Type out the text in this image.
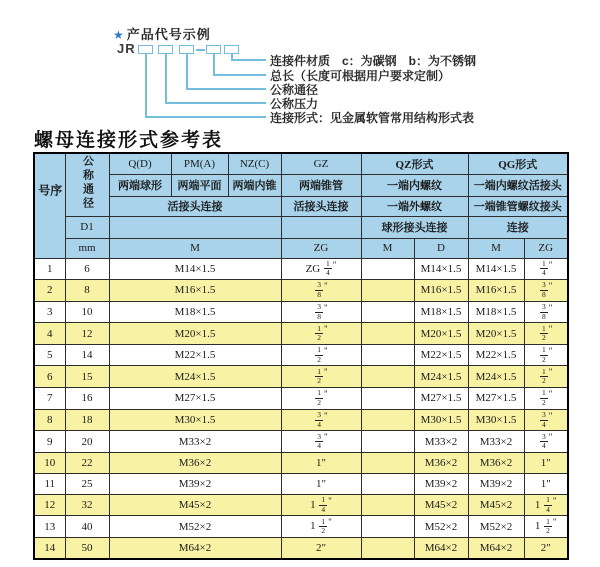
★ 产品代号示例
JR
连接件材质　c：为碳钢　b：为不锈钢
总长（长度可根据用户要求定制）
公称通径
公称压力
连接形式：见金属软管常用结构形式表
螺母连接形式参考表
序号	公称通径	Q(D)	PM(A)	NZ(C)	GZ	QZ形式		QG形式	
		两端球形	两端平面	两端内锥	两端锥管	一端内螺纹		一端内螺纹活接头	
		活接头连接			活接头连接	一端外螺纹		一端锥管螺纹接头	
	D1					球形接头连接		连接	
	mm	M			ZG	M	D	M	ZG
1	6	M14×1.5			ZG $\frac{1}{4} ^"$		M14×1.5	M14×1.5	$\frac{1}{4} ^"$
2	8	M16×1.5			$\frac{3}{8} ^"$		M16×1.5	M16×1.5	$\frac{3}{8} ^"$
3	10	M18×1.5			$\frac{3}{8} ^"$		M18×1.5	M18×1.5	$\frac{3}{8} ^"$
4	12	M20×1.5			$\frac{1}{2} ^"$		M20×1.5	M20×1.5	$\frac{1}{2} ^"$
5	14	M22×1.5			$\frac{1}{2} ^"$		M22×1.5	M22×1.5	$\frac{1}{2} ^"$
6	15	M24×1.5			$\frac{1}{2} ^"$		M24×1.5	M24×1.5	$\frac{1}{2} ^"$
7	16	M27×1.5			$\frac{1}{2} ^"$		M27×1.5	M27×1.5	$\frac{1}{2} ^"$
8	18	M30×1.5			$\frac{3}{4} ^"$		M30×1.5	M30×1.5	$\frac{3}{4} ^"$
9	20	M33×2			$\frac{3}{4} ^"$		M33×2	M33×2	$\frac{3}{4} ^"$
10	22	M36×2			1"		M36×2	M36×2	1"
11	25	M39×2			1"		M39×2	M39×2	1"
12	32	M45×2			$1 \frac{1}{4} ^"$		M45×2	M45×2	$1 \frac{1}{4} ^"$
13	40	M52×2			$1 \frac{1}{2} ^"$		M52×2	M52×2	$1 \frac{1}{2} ^"$
14	50	M64×2			2"		M64×2	M64×2	2"
